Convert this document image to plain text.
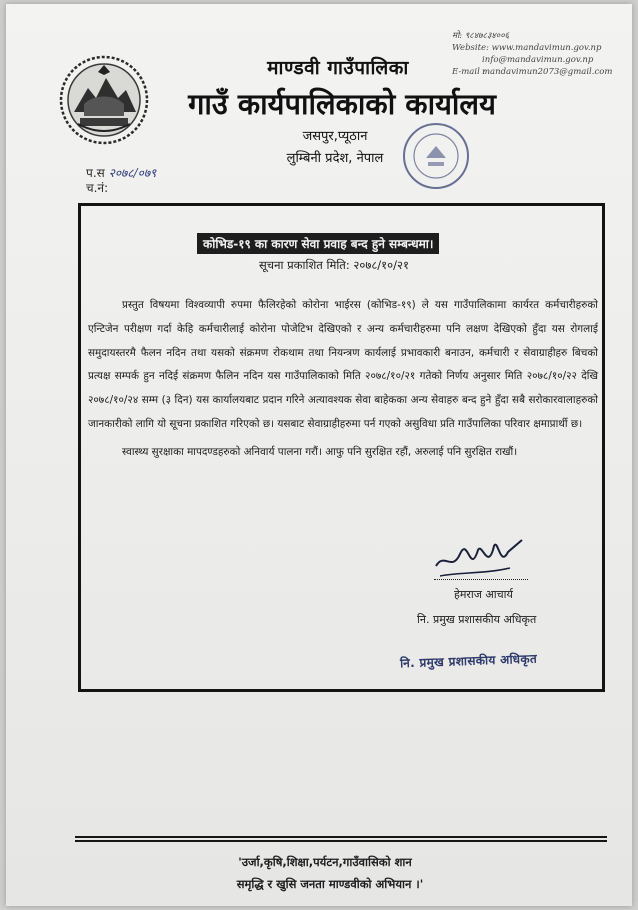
मो: ९८४७८३४००६
Website: www.mandavimun.gov.np
info@mandavimun.gov.np
E-mail :
mandavimun2073@gmail.com
माण्डवी गाउँपालिका
गाउँ कार्यपालिकाको कार्यालय
जसपुर,प्यूठान
लुम्बिनी प्रदेश, नेपाल
प.स २०७८/०७९
च.नं:
कोभिड-१९ का कारण सेवा प्रवाह बन्द हुने सम्बन्धमा।
सूचना प्रकाशित मिति: २०७८/१०/२१

प्रस्तुत विषयमा विश्वव्यापी रुपमा फैलिरहेको कोरोना भाईरस (कोभिड-१९) ले यस गाउँपालिकामा कार्यरत कर्मचारीहरुको एन्टिजेन परीक्षण गर्दा केहि कर्मचारीलाई कोरोना पोजेटिभ देखिएको र अन्य कर्मचारीहरुमा पनि लक्षण देखिएको हुँदा यस रोगलाई समुदायस्तरमै फैलन नदिन तथा यसको संक्रमण रोकथाम तथा नियन्त्रण कार्यलाई प्रभावकारी बनाउन, कर्मचारी र सेवाग्राहीहरु बिचको प्रत्यक्ष सम्पर्क हुन नदिई संक्रमण फैलिन नदिन यस गाउँपालिकाको मिति २०७८/१०/२१ गतेको निर्णय अनुसार मिति २०७८/१०/२२ देखि २०७८/१०/२४ सम्म (३ दिन) यस कार्यालयबाट प्रदान गरिने अत्यावश्यक सेवा बाहेकका अन्य सेवाहरु बन्द हुने हुँदा सबै सरोकारवालाहरुको जानकारीको लागि यो सूचना प्रकाशित गरिएको छ। यसबाट सेवाग्राहीहरुमा पर्न गएको असुविधा प्रति गाउँपालिका परिवार क्षमाप्रार्थी छ।

स्वास्थ्य सुरक्षाका मापदण्डहरुको अनिवार्य पालना गरौं। आफु पनि सुरक्षित रहौं, अरुलाई पनि सुरक्षित राखौं।

हेमराज आचार्य
नि. प्रमुख प्रशासकीय अधिकृत
नि. प्रमुख प्रशासकीय अधिकृत
'उर्जा,कृषि,शिक्षा,पर्यटन,गाउँवासिको शान
समृद्धि र खुसि जनता माण्डवीको अभियान ।'
